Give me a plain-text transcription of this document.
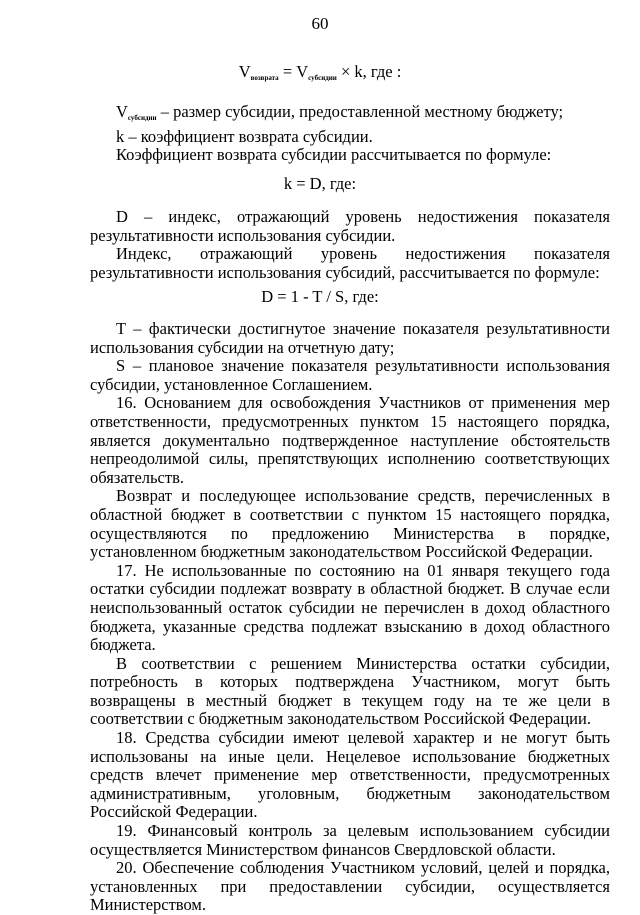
60
$V_{возврата} = V_{субсидии} \times k$, где :

$V_{субсидии}$ – размер субсидии, предоставленной местному бюджету;

k – коэффициент возврата субсидии.

Коэффициент возврата субсидии рассчитывается по формуле:

k = D, где:

D – индекс, отражающий уровень недостижения показателя результативности использования субсидии.

Индекс, отражающий уровень недостижения показателя результативности использования субсидий, рассчитывается по формуле:

D = 1 - T / S, где:

T – фактически достигнутое значение показателя результативности использования субсидии на отчетную дату;

S – плановое значение показателя результативности использования субсидии, установленное Соглашением.

16. Основанием для освобождения Участников от применения мер ответственности, предусмотренных пунктом 15 настоящего порядка, является документально подтвержденное наступление обстоятельств непреодолимой силы, препятствующих исполнению соответствующих обязательств.

Возврат и последующее использование средств, перечисленных в областной бюджет в соответствии с пунктом 15 настоящего порядка, осуществляются по предложению Министерства в порядке, установленном бюджетным законодательством Российской Федерации.

17. Не использованные по состоянию на 01 января текущего года остатки субсидии подлежат возврату в областной бюджет. В случае если неиспользованный остаток субсидии не перечислен в доход областного бюджета, указанные средства подлежат взысканию в доход областного бюджета.

В соответствии с решением Министерства остатки субсидии, потребность в которых подтверждена Участником, могут быть возвращены в местный бюджет в текущем году на те же цели в соответствии с бюджетным законодательством Российской Федерации.

18. Средства субсидии имеют целевой характер и не могут быть использованы на иные цели. Нецелевое использование бюджетных средств влечет применение мер ответственности, предусмотренных административным, уголовным, бюджетным законодательством Российской Федерации.

19. Финансовый контроль за целевым использованием субсидии осуществляется Министерством финансов Свердловской области.

20. Обеспечение соблюдения Участником условий, целей и порядка, установленных при предоставлении субсидии, осуществляется Министерством.
